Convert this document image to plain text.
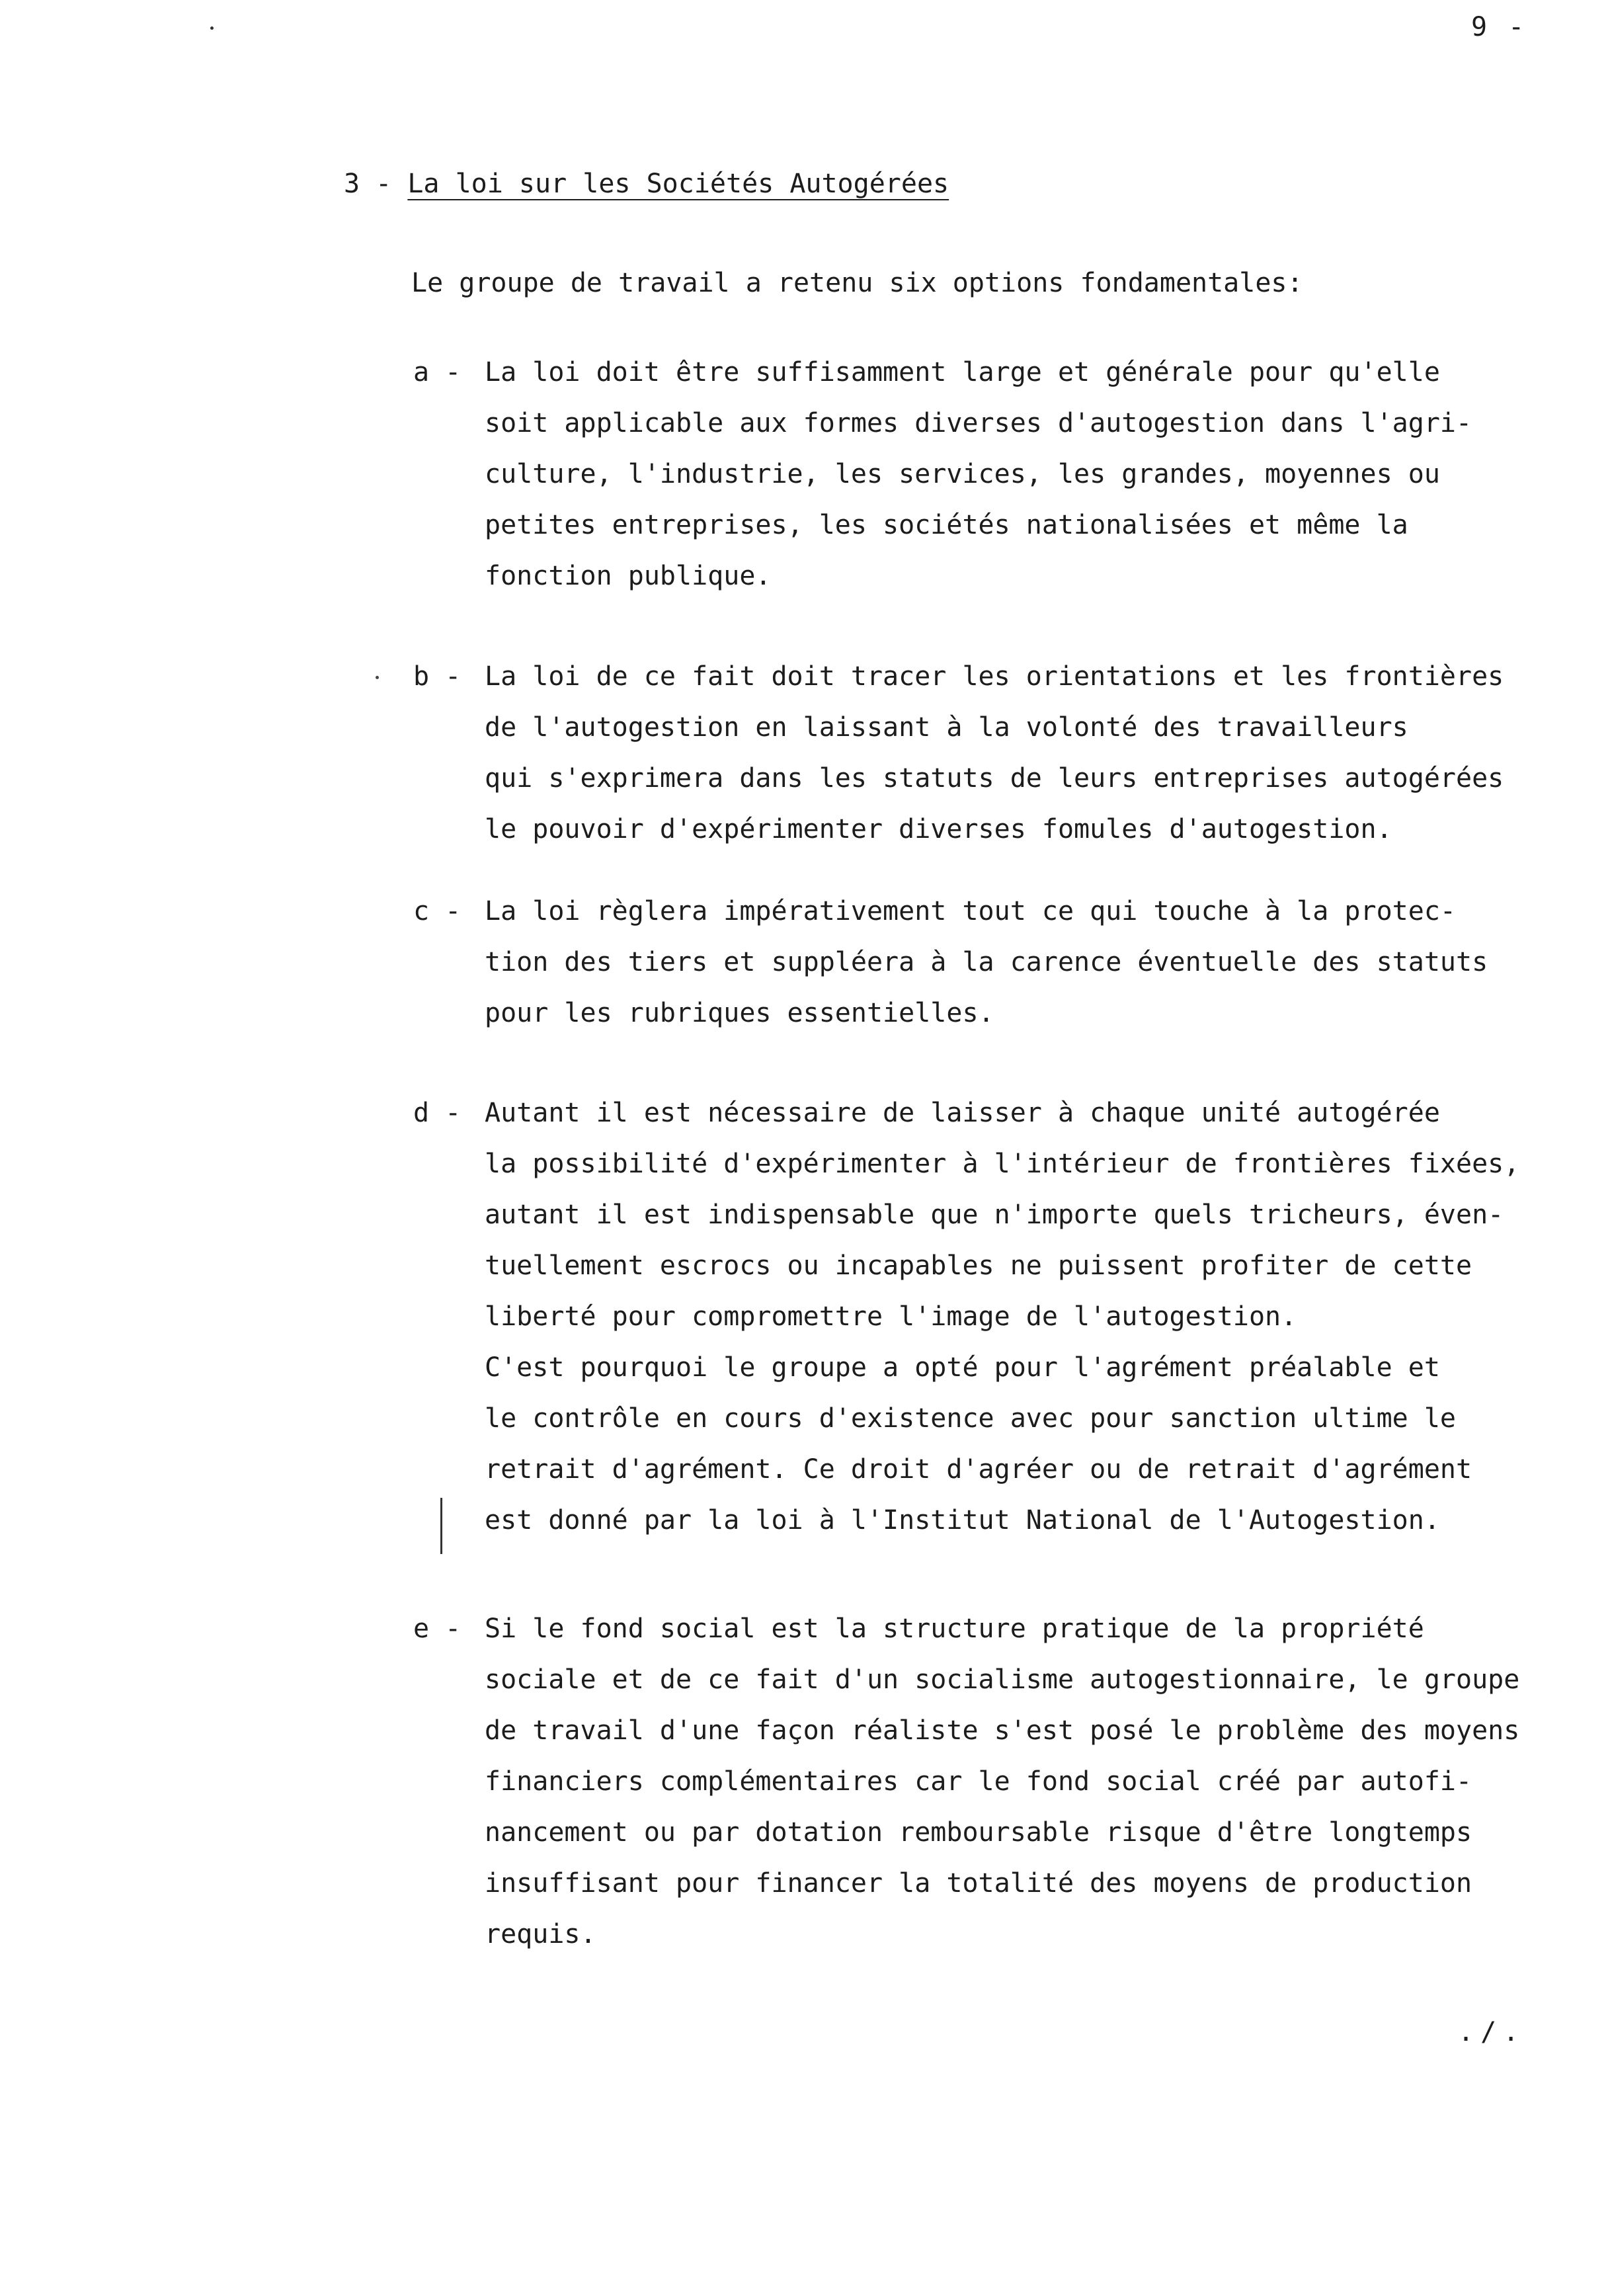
9 -
3 - La loi sur les Sociétés Autogérées
Le groupe de travail a retenu six options fondamentales:
a - La loi doit être suffisamment large et générale pour qu'elle
soit applicable aux formes diverses d'autogestion dans l'agri-
culture, l'industrie, les services, les grandes, moyennes ou
petites entreprises, les sociétés nationalisées et même la
fonction publique.
b - La loi de ce fait doit tracer les orientations et les frontières
de l'autogestion en laissant à la volonté des travailleurs
qui s'exprimera dans les statuts de leurs entreprises autogérées
le pouvoir d'expérimenter diverses fomules d'autogestion.
c - La loi règlera impérativement tout ce qui touche à la protec-
tion des tiers et suppléera à la carence éventuelle des statuts
pour les rubriques essentielles.
d - Autant il est nécessaire de laisser à chaque unité autogérée
la possibilité d'expérimenter à l'intérieur de frontières fixées,
autant il est indispensable que n'importe quels tricheurs, éven-
tuellement escrocs ou incapables ne puissent profiter de cette
liberté pour compromettre l'image de l'autogestion.
C'est pourquoi le groupe a opté pour l'agrément préalable et
le contrôle en cours d'existence avec pour sanction ultime le
retrait d'agrément. Ce droit d'agréer ou de retrait d'agrément
est donné par la loi à l'Institut National de l'Autogestion.
e - Si le fond social est la structure pratique de la propriété
sociale et de ce fait d'un socialisme autogestionnaire, le groupe
de travail d'une façon réaliste s'est posé le problème des moyens
financiers complémentaires car le fond social créé par autofi-
nancement ou par dotation remboursable risque d'être longtemps
insuffisant pour financer la totalité des moyens de production
requis.
./.
